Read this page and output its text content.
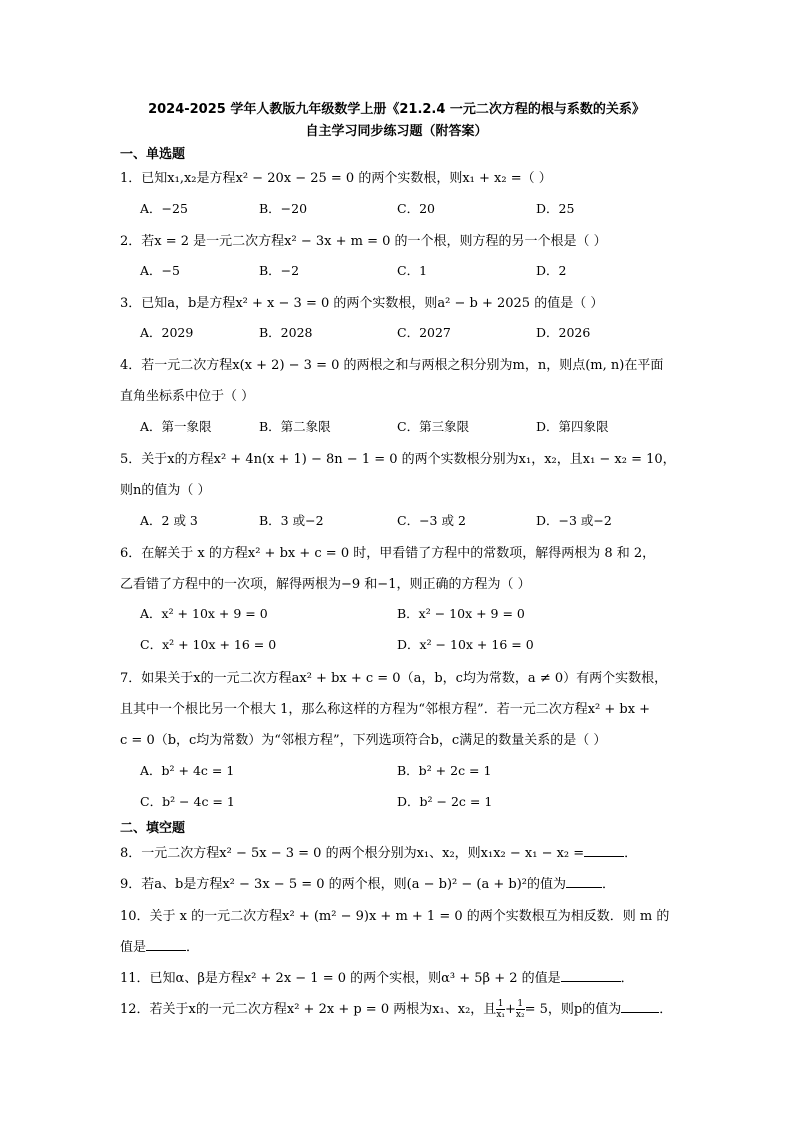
2024-2025 学年人教版九年级数学上册《21.2.4 一元二次方程的根与系数的关系》
自主学习同步练习题（附答案）
一、单选题
1．已知x₁,x₂是方程x² − 20x − 25 = 0 的两个实数根，则x₁ + x₂ =（ ）
A．−25	B．−20	C．20	D．25
2．若x = 2 是一元二次方程x² − 3x + m = 0 的一个根，则方程的另一个根是（ ）
A．−5	B．−2	C．1	D．2
3．已知a，b是方程x² + x − 3 = 0 的两个实数根，则a² − b + 2025 的值是（ ）
A．2029	B．2028	C．2027	D．2026
4．若一元二次方程x(x + 2) − 3 = 0 的两根之和与两根之积分别为m，n，则点(m, n)在平面
直角坐标系中位于（ ）
A．第一象限	B．第二象限	C．第三象限	D．第四象限
5．关于x的方程x² + 4n(x + 1) − 8n − 1 = 0 的两个实数根分别为x₁，x₂，且x₁ − x₂ = 10，
则n的值为（ ）
A．2 或 3	B．3 或−2	C．−3 或 2	D．−3 或−2
6．在解关于 x 的方程x² + bx + c = 0 时，甲看错了方程中的常数项，解得两根为 8 和 2，
乙看错了方程中的一次项，解得两根为−9 和−1，则正确的方程为（ ）
A．x² + 10x + 9 = 0	B．x² − 10x + 9 = 0
C．x² + 10x + 16 = 0	D．x² − 10x + 16 = 0
7．如果关于x的一元二次方程ax² + bx + c = 0（a，b，c均为常数，a ≠ 0）有两个实数根，
且其中一个根比另一个根大 1，那么称这样的方程为“邻根方程”．若一元二次方程x² + bx +
c = 0（b，c均为常数）为“邻根方程”，下列选项符合b，c满足的数量关系的是（ ）
A．b² + 4c = 1	B．b² + 2c = 1
C．b² − 4c = 1	D．b² − 2c = 1
二、填空题
8．一元二次方程x² − 5x − 3 = 0 的两个根分别为x₁、x₂，则x₁x₂ − x₁ − x₂ =	．
9．若a、b是方程x² − 3x − 5 = 0 的两个根，则(a − b)² − (a + b)²的值为	．
10．关于 x 的一元二次方程x² + (m² − 9)x + m + 1 = 0 的两个实数根互为相反数．则 m 的
值是	．
11．已知α、β是方程x² + 2x − 1 = 0 的两个实根，则α³ + 5β + 2 的值是	．
12．若关于x的一元二次方程x² + 2x + p = 0 两根为x₁、x₂，且 $\frac{1}{\text{x₁}} + \frac{1}{\text{x₂}} = 5$，则p的值为	．
